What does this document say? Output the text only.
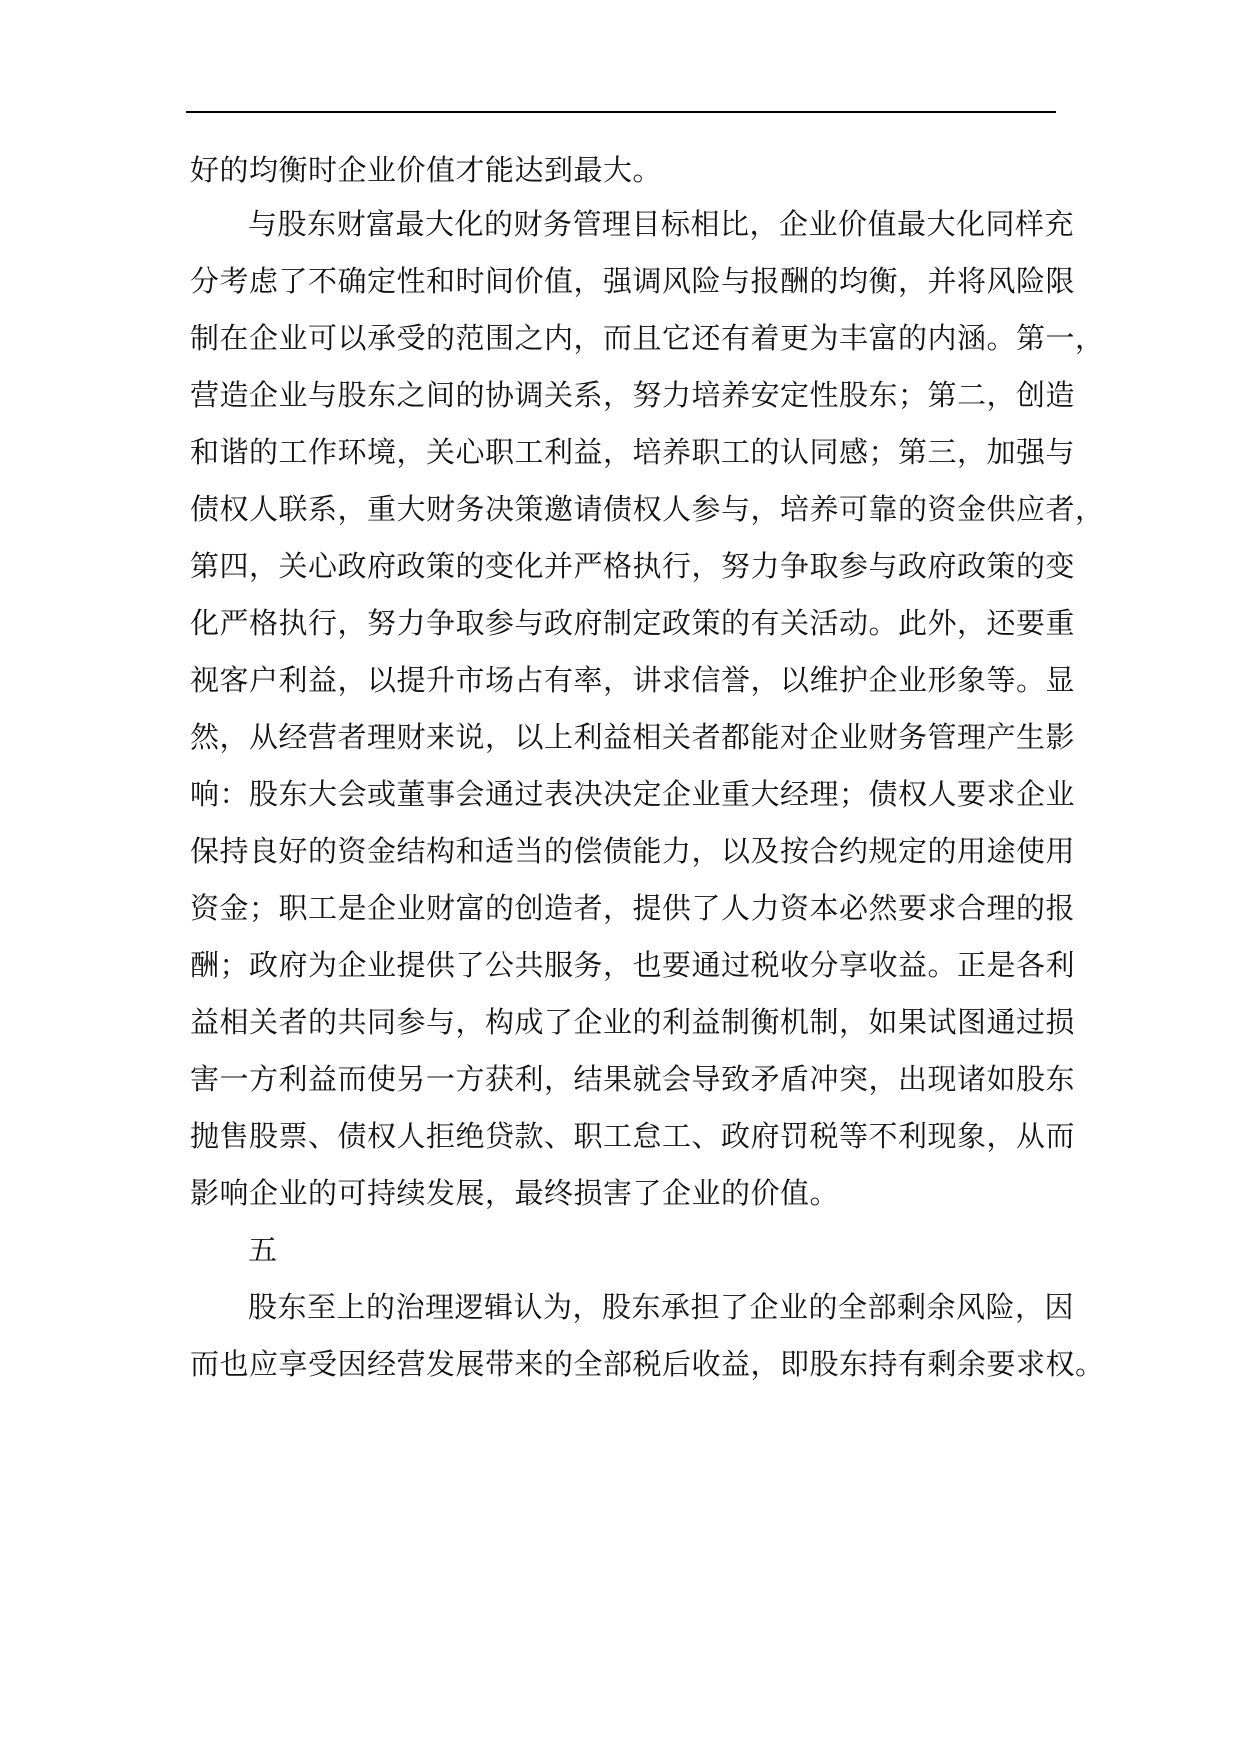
好的均衡时企业价值才能达到最大。
与股东财富最大化的财务管理目标相比，企业价值最大化同样充
分考虑了不确定性和时间价值，强调风险与报酬的均衡，并将风险限
制在企业可以承受的范围之内，而且它还有着更为丰富的内涵。第一，
营造企业与股东之间的协调关系，努力培养安定性股东；第二，创造
和谐的工作环境，关心职工利益，培养职工的认同感；第三，加强与
债权人联系，重大财务决策邀请债权人参与，培养可靠的资金供应者，
第四，关心政府政策的变化并严格执行，努力争取参与政府政策的变
化严格执行，努力争取参与政府制定政策的有关活动。此外，还要重
视客户利益，以提升市场占有率，讲求信誉，以维护企业形象等。显
然，从经营者理财来说，以上利益相关者都能对企业财务管理产生影
响：股东大会或董事会通过表决决定企业重大经理；债权人要求企业
保持良好的资金结构和适当的偿债能力，以及按合约规定的用途使用
资金；职工是企业财富的创造者，提供了人力资本必然要求合理的报
酬；政府为企业提供了公共服务，也要通过税收分享收益。正是各利
益相关者的共同参与，构成了企业的利益制衡机制，如果试图通过损
害一方利益而使另一方获利，结果就会导致矛盾冲突，出现诸如股东
抛售股票、债权人拒绝贷款、职工怠工、政府罚税等不利现象，从而
影响企业的可持续发展，最终损害了企业的价值。
五
股东至上的治理逻辑认为，股东承担了企业的全部剩余风险，因
而也应享受因经营发展带来的全部税后收益，即股东持有剩余要求权。
